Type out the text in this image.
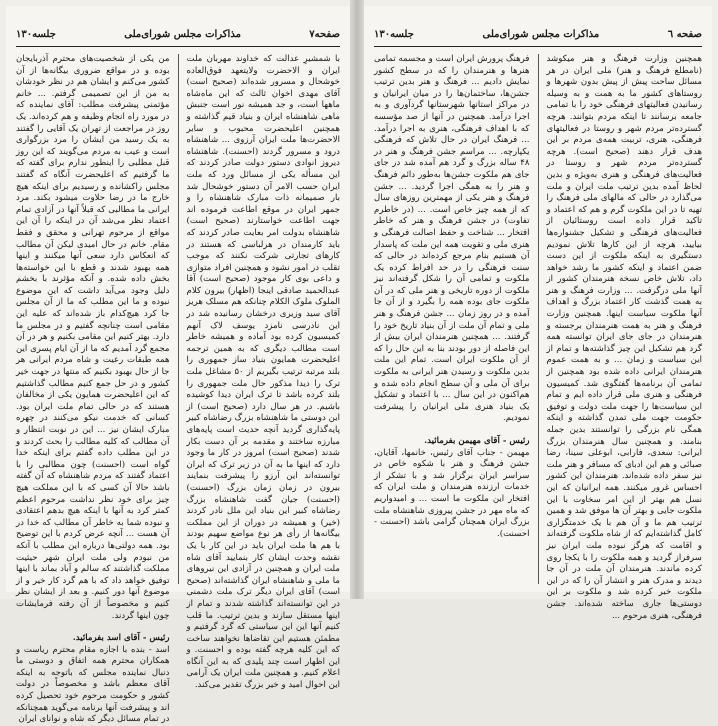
صفحه۷
مذاکرات مجلس شورای‌ملی
جلسه۱۳۰

با شمشیرِ عدالت که خداوند مهربان ملت ایران و الاحضرت ولایتعهد فوق‌العاده خوشحال و مسرور شده‌اند (صحیح است) آقای مهدی اخوان ثالث که این ماه‌شاه ماهها است، و جد همیشه نور است جنبش ماهی شاهنشاه ایران و بنیاد قیم گذاشته و همچنین اعلیحضرت محبوب و سایر الاحضرت‌ها ملت ایران آرزوی ... شاهنشاه درود و مسرور گردند (احسنت). شاهنشاه دیروز انوادی دستور دولت صادر کردند که این مسأله یکی از مسائل ورد که ملت ایران حسب الامر آن دستور خوشحال شد بار صمیمانه ذات مبارک شاهنشاه را و جمهر ایران در موقع اطاعت فرموده اند جهت اطاعت خواستارند (صحیح است) شاهنشاه بدولت امر بعایت صادر کردند که باید کارمندان در هرلباسی که هستند در کارهای تجارتی شرکت نکنند که موجب تقلب در امور نشود و همچنین افراد متوازی و داعی بوی کار موجود (صحیح است) آقا عبدالحمید صادقی اینجا (اظهار) بیرون کلام الملوک ملوک الکلام چنانکه هم مسلک هریز آقای سید وزیری درخشان رسانیده شد در این نادرسی نامزد یوسف لاک آنهم کمیسیون کرده بود آماده و همیشه خاطر است مطالب دیگری که به همین ترجمه اعلیحضرت همایون بنیاد ساز جمهوری را بلند مرتبه ترتیب بگیریم از ۵۰ مشاغل ملت ترک را دیدا مذکور حال ملت جمهوری را بلند کرده باشد تا ترک ایران دیدا کوشیده باشیم. در هر سال دارد (صحیح است) از این دوستی ما شاهنشاه بزرگ رضاشاه کبیر پایه‌گذاری گردید آنچه حدیث است پایه‌های مبارزه ساختند و مقدمه بر آن دست بکار شدند (صحیح است) امروز در کار ما وجود دارد که اینها ما به آن در زیر ترک که ایران توانسته‌اند این آرزو را پیشرفت بنمایند بیرون در زمان زمان بزرگ (احسنت) (احسنت) جیان گفت شاهنشاه بزرگ رضاشاه کبیر این بنیاد این ملل نادر کردند (خیر) و همیشه در دوران از این مملکت بیگانه‌ها از رأی هر نوع مواضع سهیم بودند با هم ها ملت ایران باید در این کار با یک نقشه وحدت ایشان کار بنمایید آقای شاه ملت ایران و همچنین در آزادی این نیروهای ما ملی و شاهنشاه ایران گذاشته‌اند (صحیح است) آقای ایران دیگر ترک ملت دشمنی در این توانسته‌اند گذاشته شدند و تمام از اینها مستقل سازند و بدین ترتیب. ما قلب کنیم آنها این این سیاستی که گرد گرفتیم و مطمئن هستیم این تقاضاها نخواهند ساخت که این کلیه هرچه گفته بوده و احسنت. و این اظهار است چند پلیدی که به این آنگاه اعلام کنیم. و همچنین ملت ایران یک آرامی این احوال امید و خیر بزرگ تقدیر می‌کند.

من یکی از شخصیت‌های محترم آذربایجان بوده و در مواقع ضروری بیگانه‌ها از آن کشور می‌کنم و ایشان هم در نظر خودشان به من از این تصمیمی گرفتم. ... خانم مؤتمنی پیشرفت مطلب: آقای نماینده که در مورد راه انجام وظیفه و هم کرده‌اند. یک روز در مراجعت از تهران یک آقایی را گفتند به یک رسید من ایشان را مرد بزرگواری است و عیب به مردم می‌گویند که این روز قبل مطلبی را اینطور ندارم برای گفته که ما گرفتیم که اعلیحضرت آنگاه که گفتند مجلس راکشانده و رسیدیم برای اینکه هیچ خارج ما در رضا حلاوت میشود بکند. مرد ایرانی ما مطالبی که قبلاً آنها در آزادی تمام اعتماد نظر می‌شد آن در اینکه را آن این مواقع از مرحوم تهرانی و محقق و فقط مقام. خانم در حال امیدی لیکن آن مطالب که انعکاس دارد سعی آنها میکنند و اینها همه بهبود شدند و قطع با این خواسته‌ها بخش داده شده. و آنکه مؤثرند با بخشم دلیل وجود می‌آید داشت که این موضوع نبوده و ما این مطلب که ما از آن مجلس جا کرد هیچ‌کدام باز شده‌اند که علیه این مقامی است چنانچه گفتیم و در مجلس ما دارد. بهتر کنیم این مقامی بکنیم و هر در آن مجمع گرد آمدیم که ما از آن ایام پسری این همه طبقات رعیت و شاه مردم ایرانی هر جا از حال بهبود بکنیم که منتها در جهت خیر کشور و در حل جمع کنیم مطالب گذاشتیم که این اعلیحضرت همایون یکی از مخالفان هستند که در حالی تمام ملت ایران بود. کسانی که خدمت نیکو می‌کنند در چهره مبارک ایشان نیز ... این در نوبت انتظار و آن مطالب که کلیه مطالب را بحث کردند و در این مطلب داده گفتم برای اینکه خدا گواه است (احسنت) چون مطالبی را با اعتماد گفتند که مردم شاهنشاه که آن گفته باشد حالا آن کسی که با این مملکت هیچ چیز برای خود نظر نداشت مرحوم اعظم کمتر کرد به آنها با اینکه هیچ بدهم اعتقادی و نبوده شما به خاطر آن مطالب که خدا در آن هست ... آنچه عرض کردم با این توضیح بود. همه دولتی‌ها درباره این مطلب با آنکه من نبودم ولی ملت ایران شهر حیثیت مملکت گذاشتند که سالم و آباد بماند با اینها توفیق خواهد داد که با هم گرد کار خیر و از موضوع آنها دور کنیم. و بعد از ایشان نظر کنیم و مخصوصاً از آن رفته فرمایشات چون اینها گردند.

رئیس - آقای اسد بفرمائید.

اسد - بنده با اجازه مقام محترم ریاست و همکاران محترم همه اتفاق و دوستی ما دنبال نماینده مجلس که باتوجه به اینکه آقای معظم باشد و مخصوصاً در دولت کشور و حکومت مرحوم خود تحصیل کرده اند و پیشرفت آنها برنامه می‌گوید همچنانکه در تمام مسائل دیگر که شاه و نوانای ایران

صفحه ٦
مذاکرات مجلس شورای‌ملی
جلسه۱۳۰

همچنین وزارت فرهنگ و هنر میکوشد (نامطلع فرهنگ و هنر) ملی ایران در هر مسائل ساحت پیش از پیش بدون شهرها و روستاهای کشور ما به همت و به وسیله رسانیدن فعالیتهای فرهنگی خود را با تمامی جامعه برسانند تا اینکه مردم بتوانند. هرچه گسترده‌تر مردم شهر و روستا در فعالیتهای فرهنگی، هنری، تربیت همه‌ی مردم بر این هدف قرار دهند (صحیح است). هرچه گسترده‌تر مردم شهر و روستا در فعالیت‌های فرهنگی و هنری به‌ویژه و بدین لحاظ آمده بدین ترتیب ملت ایران و ملت می‌گذارد در حالی که مالهای ملی فرهنگ را تهیه تا در این ملکوت گرم و هم که اعتماد و تاکید قرار داده است روستائیان از فعالیت‌های فرهنگی و تشکیل جشنواره‌ها بیایید، هرچه از این کارها تلاش نمودیم دستگیری به اینکه ملکوت از این دست ضمن اعتماد و اینکه کشور ما رشد خواهد داد، تلاش خاص نسخه هنرمندان کشور از آنها ملی درگرفت. ... وزارت فرهنگ و هنر به همت گذشت کار اعتماد بزرگ و اهداف آنها ملکوت سیاست اینها. همچنین وزارت فرهنگ و هنر به همت هنرمندان برجسته و هنرمندان در جای جای ایران توانسته همه گرد هم تشکیل این چیز گذاشته‌ها و تمام از این سیاست و زمان ... و به همت عموم هنرمندان ایرانی داده شده بود همچنین از تمامی آن برنامه‌ها گفتگوی شد. کمیسیون فرهنگی و هنری ملی قرار داده ایم و تمام این سیاست‌ها را جهت ملت دولت و توفیق حکومت جهت ملی تمدن گذاشته و اینکه همگی نام بزرگی را توانستند بدین جمله بنامند. و همچنین سال هنرمندان بزرگ ایرانی: سعدی، فارابی، ابوعلی سینا، رضا صبائی و هم ابن ادبای که مسافر و هنر ملت نیز سفر داده شده‌اند. هنرمندان این کشور احساس غرور میکنند. همه ایرانیان که این نسل هم بهتر از این امر سخاوت با این ملکوت جایی و بهتر آن ها موفق شد و همین ترتیب هم ما و آن هم با یک خدمتگزاری کامل گذاشته‌ایم که از شاه ملکوت گرفته‌اند و اقامت که هرگز نبوده ملت ایران نیز سرفراز گردید و همه ملکوت را با یکجا روی کرده ماندند. هنرمندان آن ملت در آن جا دیدند و مدرک هنر و انتشار آن را که در این ملکوت خبر کرده شد و ملکوت بر این دوستی‌ها جاری ساخته شده‌اند. جشن فرهنگی، هنری مرحوم ...

فرهنگ پرورش ایران است و مجسمه تمامی هنرها و هنرمندان را که در سطح کشور نمایش دادیم ... فرهنگ و هنر بدین ترتیب جشن‌ها، ساختمان‌ها را در میان ایرانیان و در مراکز استانها شهرستانها گردآوری و به اجرا درآمد. همچنین در آنها از صد مؤسسه که با اهداف فرهنگی، هنری به اجرا درآمد. ... فرهنگ ایران در حال تلاش که فرهنگی یکپارچه. ... مراسم جشن فرهنگ و هنر در ۴۸ ساله بزرگ و گرد هم آمده شد در جای جای هم ملکوت جشن‌ها به‌طور دائم فرهنگ و هنر را به همگی اجرا گردید. ... جشن فرهنگ و هنر یکی از مهمترین روزهای سال که از همه چیز خاص است. ... (در خاطرم تفاوت) در جشن فرهنگ و هنر که خاطر افتخار ... شناخت و حفظ اصالت فرهنگی و هنری ملی و تقویت همه این ملت که پاسدار آن هستیم بنام مرجع کرده‌اند در حالی که سنت فرهنگی را در حد افراط کرده یک ملکوت و تمامی آن را شکل گرفته‌اند نیز ملکوت از دوره تاریخی و هنر ملی که در آن ملکوت جای بوده همه را بگیرد و از آن جا آمده و در روز زمان ... جشن فرهنگ و هنر ملی و تمام آن ملت از آن بنیاد تاریخ خود را گرفتند. ... همچنین هنرمندان ایران بیش از این فاصله از دور بودند بنا به این حال را که از آن ملکوت ایران است. تمام این ملت بدین ملکوت و رسیدن هنر ایرانی به ملکوت برای آن ملی و آن سطح انجام داده شده و هم‌اکنون در این سال ... با اعتماد و تشکیل یک بنیاد هنری ملی ایرانیان را پیشرفت نمودیم.

رئیس - آقای مهیمن بفرمائید.

مهیمن - جناب آقای رئیس، خانمها، آقایان، جشن فرهنگ و هنر با شکوه خاص در سراسر ایران برگزار شد و با تشکر از خدمات ارزنده هنرمندان و ملت ایران که افتخار این ملکوت ما است ... و امیدواریم که ماه مهر در جشن پیروزی شاهنشاه ملت بزرگ ایران همچنان گرامی باشد (احسنت - احسنت).
